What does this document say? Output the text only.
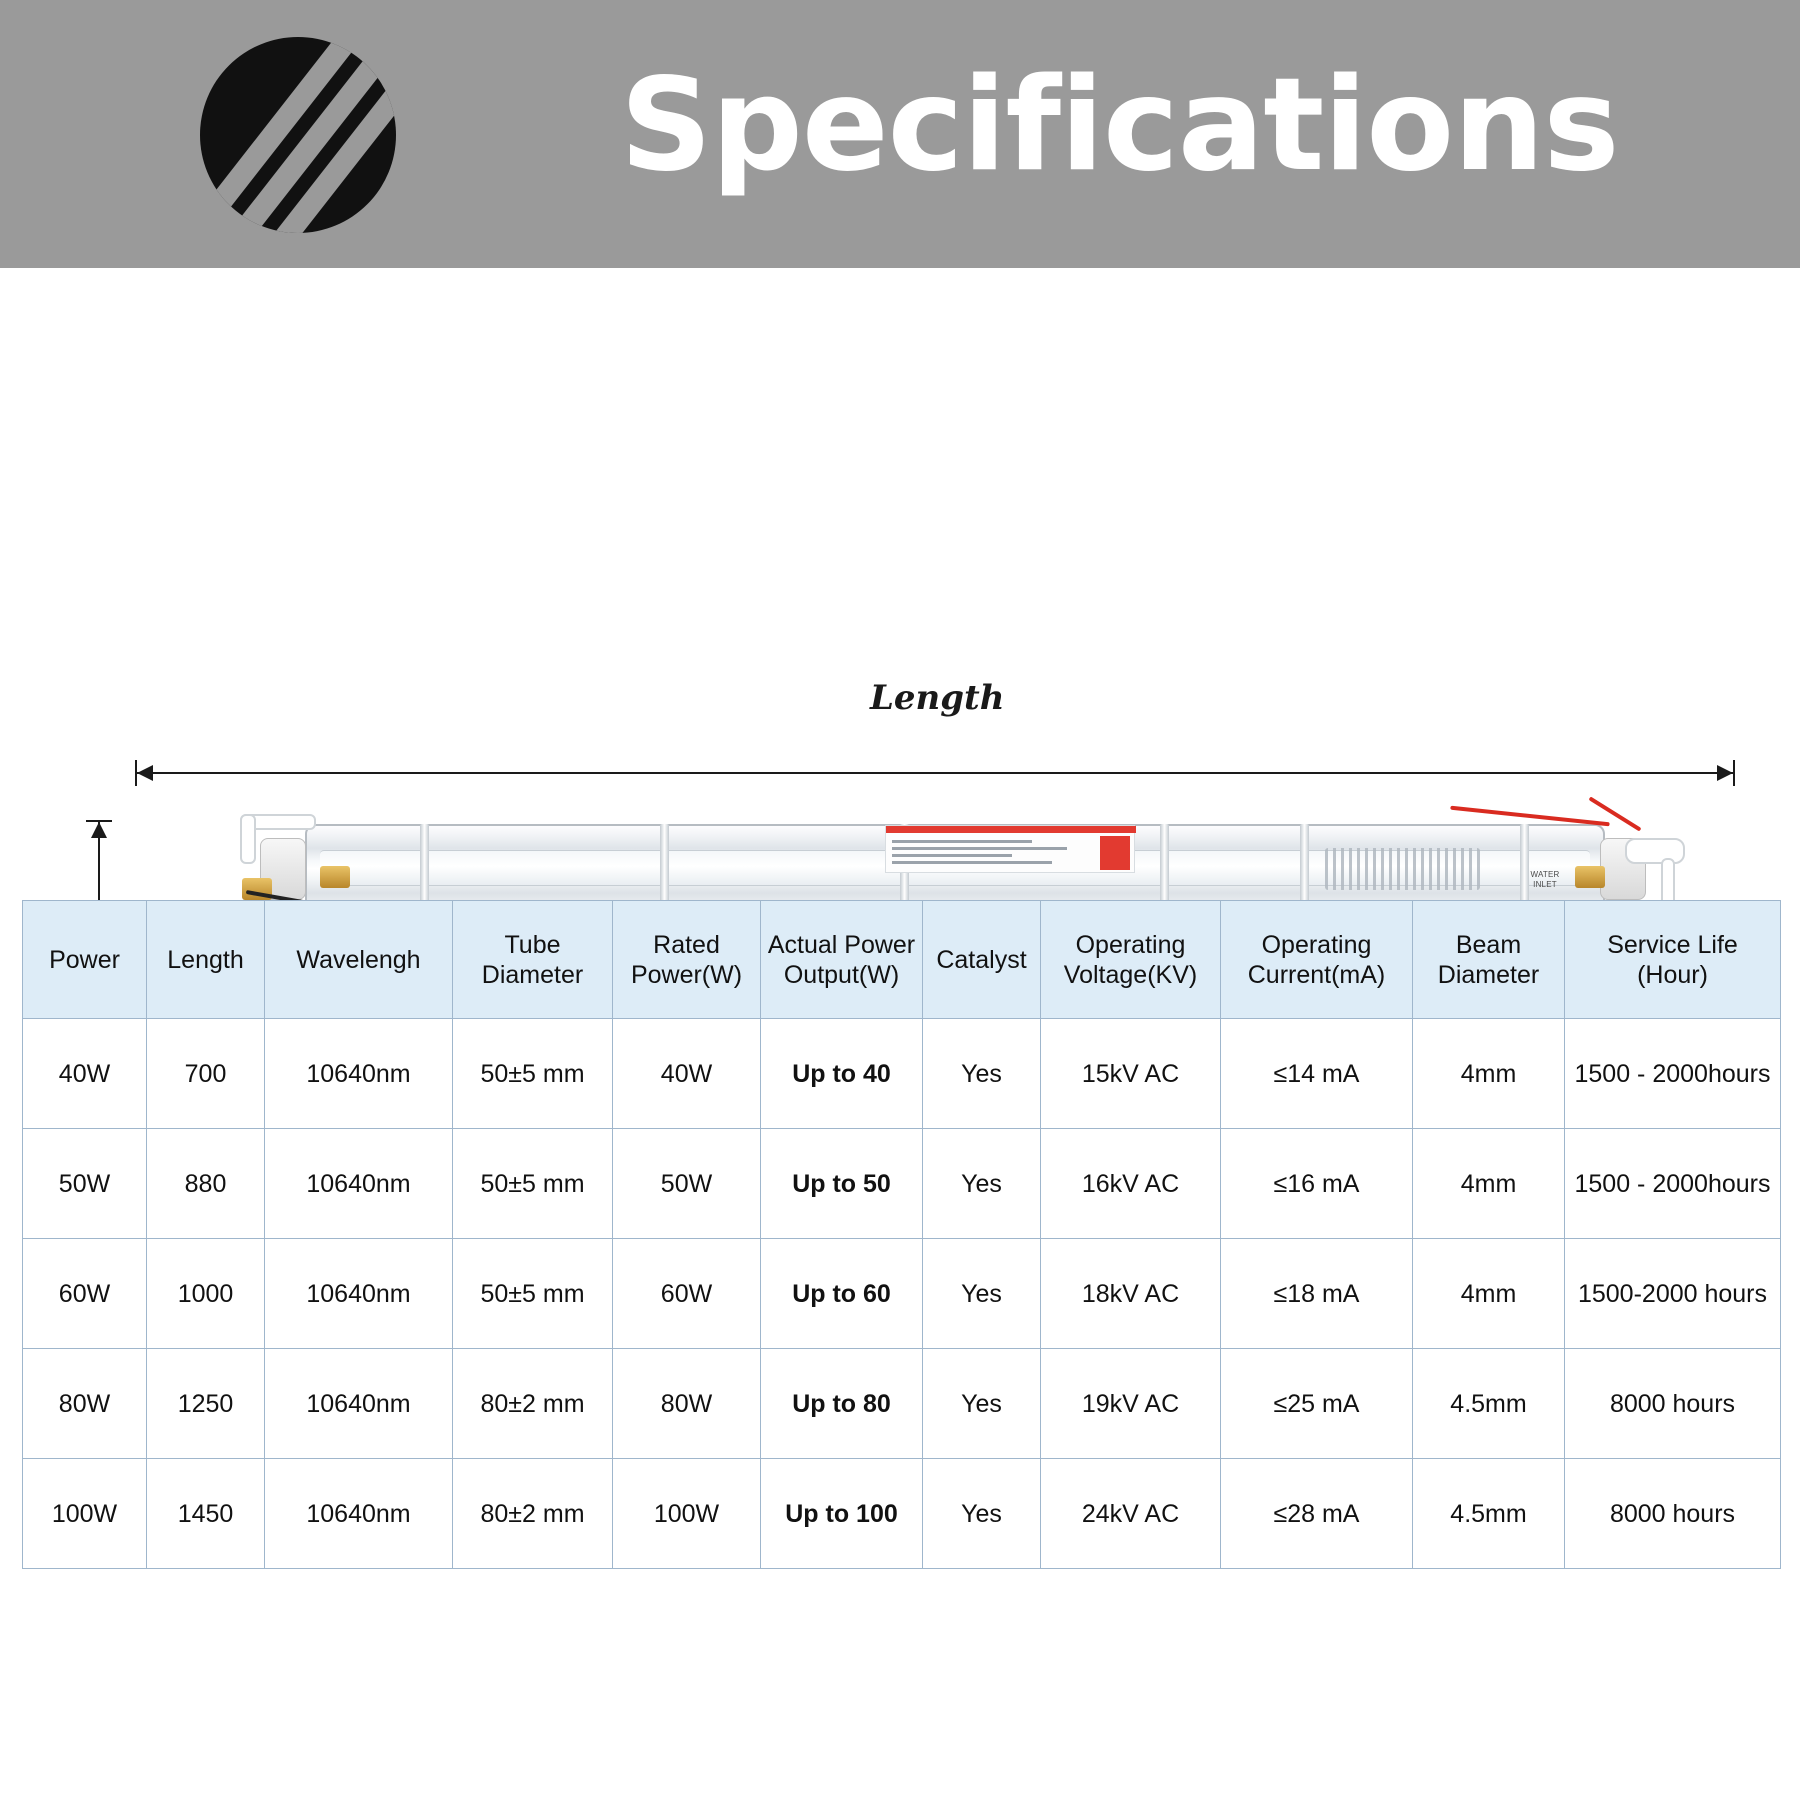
Specifications
Length
WATER INLET
Power	Length	Wavelengh	Tube Diameter	Rated Power(W)	Actual Power Output(W)	Catalyst	Operating Voltage(KV)	Operating Current(mA)	Beam Diameter	Service Life (Hour)
40W	700	10640nm	50±5 mm	40W	Up to 40	Yes	15kV AC	≤14 mA	4mm	1500 - 2000hours
50W	880	10640nm	50±5 mm	50W	Up to 50	Yes	16kV AC	≤16 mA	4mm	1500 - 2000hours
60W	1000	10640nm	50±5 mm	60W	Up to 60	Yes	18kV AC	≤18 mA	4mm	1500-2000 hours
80W	1250	10640nm	80±2 mm	80W	Up to 80	Yes	19kV AC	≤25 mA	4.5mm	8000 hours
100W	1450	10640nm	80±2 mm	100W	Up to 100	Yes	24kV AC	≤28 mA	4.5mm	8000 hours
